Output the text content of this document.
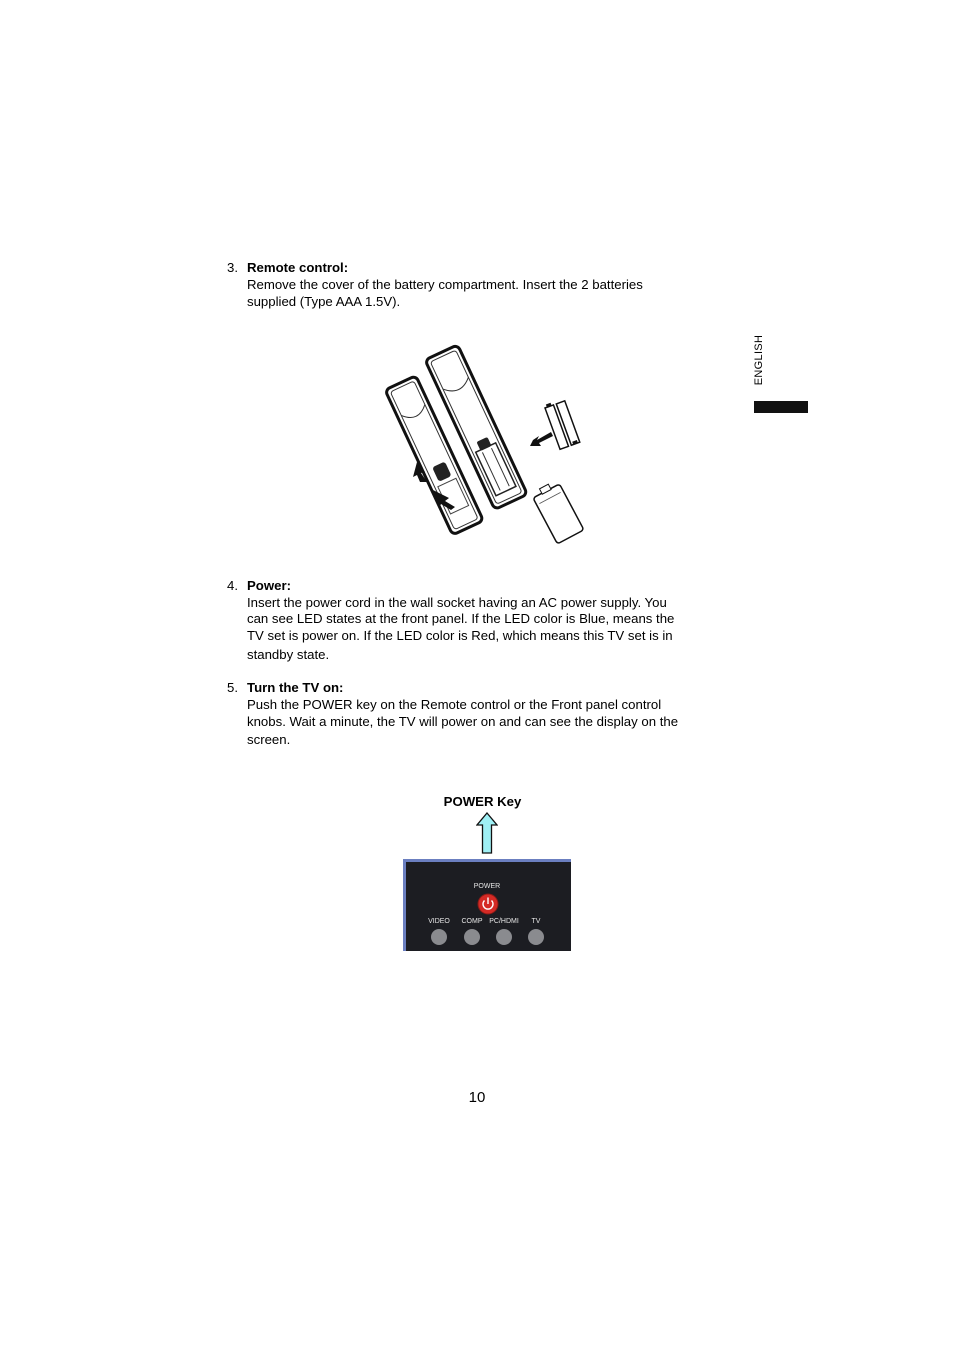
ENGLISH
3. Remote control:
Remove the cover of the battery compartment. Insert the 2 batteries
supplied (Type AAA 1.5V).
4. Power:
Insert the power cord in the wall socket having an AC power supply. You
can see LED states at the front panel. If the LED color is Blue, means the
TV set is power on. If the LED color is Red, which means this TV set is in
standby state.
5. Turn the TV on:
Push the POWER key on the Remote control or the Front panel control
knobs. Wait a minute, the TV will power on and can see the display on the
screen.
POWER Key
POWER
VIDEO COMP PC/HDMI TV
10
